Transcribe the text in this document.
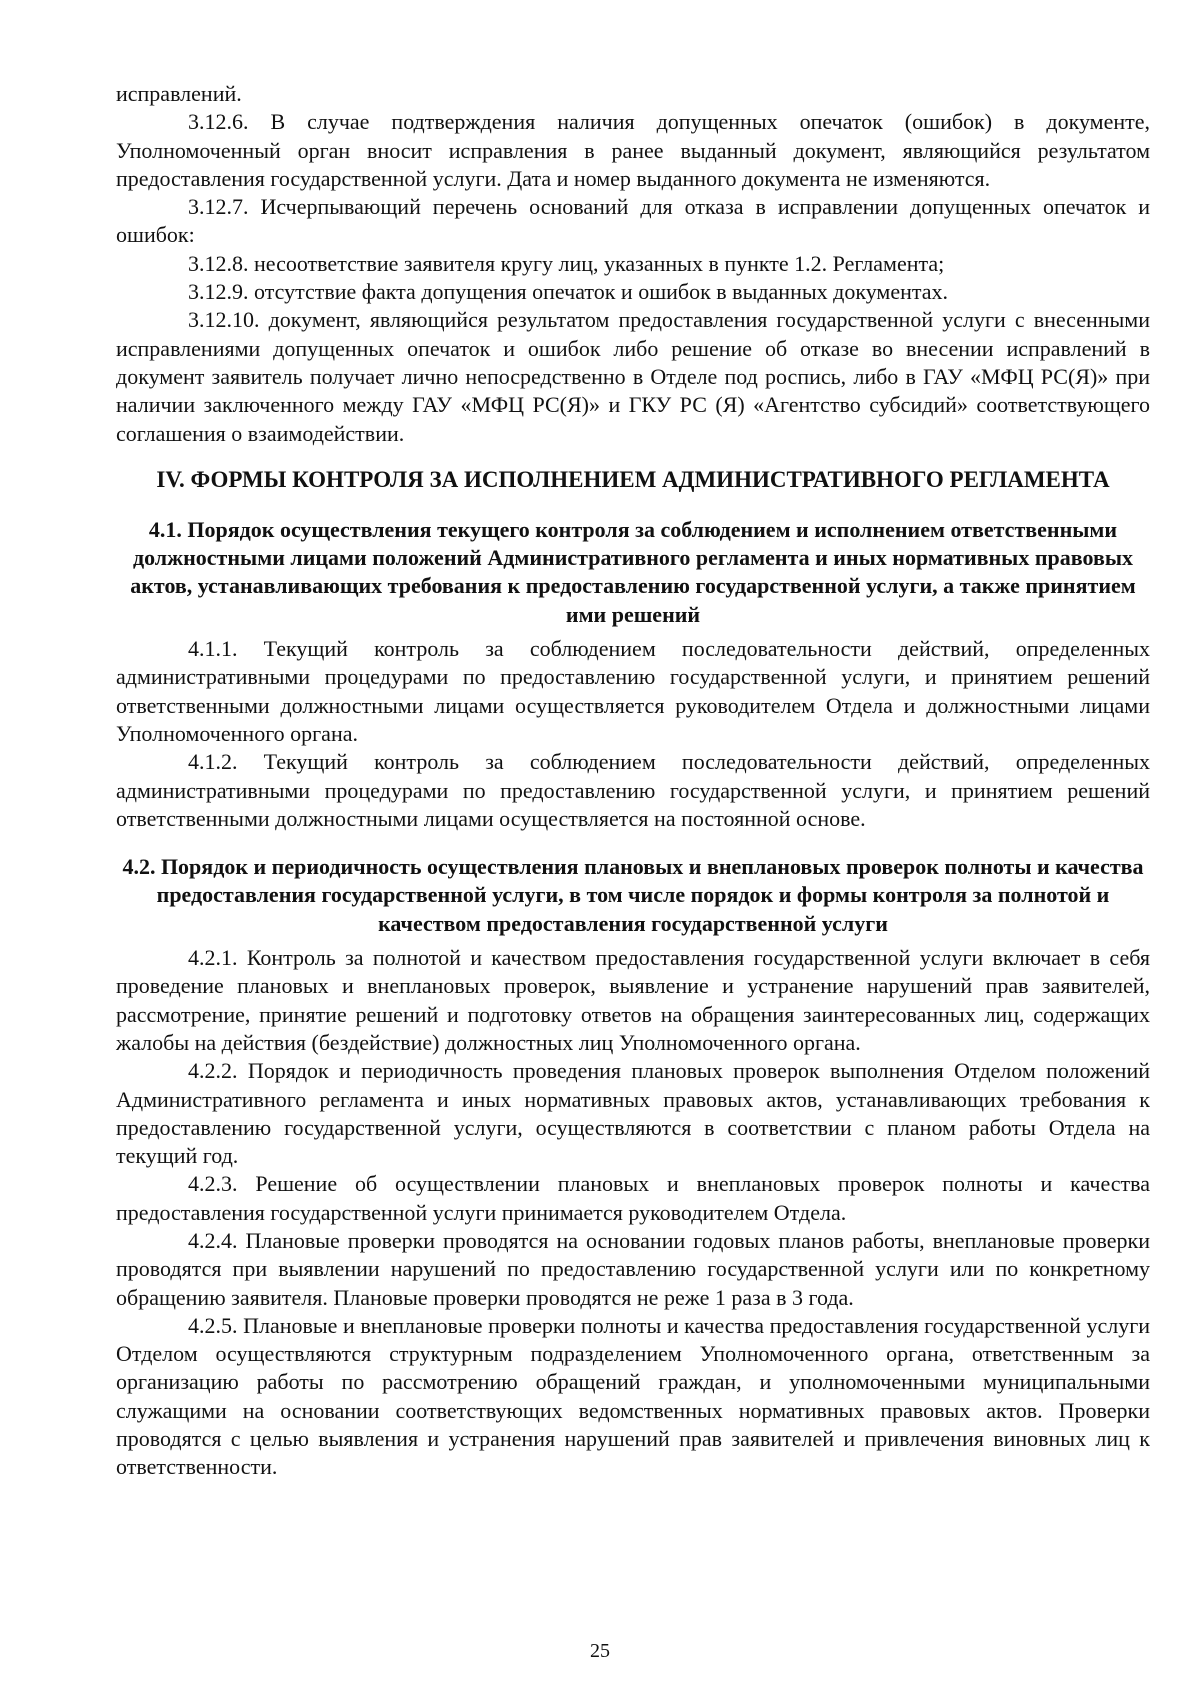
исправлений.

3.12.6. В случае подтверждения наличия допущенных опечаток (ошибок) в документе, Уполномоченный орган вносит исправления в ранее выданный документ, являющийся результатом предоставления государственной услуги. Дата и номер выданного документа не изменяются.

3.12.7. Исчерпывающий перечень оснований для отказа в исправлении допущенных опечаток и ошибок:

3.12.8. несоответствие заявителя кругу лиц, указанных в пункте 1.2. Регламента;

3.12.9. отсутствие факта допущения опечаток и ошибок в выданных документах.

3.12.10. документ, являющийся результатом предоставления государственной услуги с внесенными исправлениями допущенных опечаток и ошибок либо решение об отказе во внесении исправлений в документ заявитель получает лично непосредственно в Отделе под роспись, либо в ГАУ «МФЦ РС(Я)» при наличии заключенного между ГАУ «МФЦ РС(Я)» и ГКУ РС (Я) «Агентство субсидий» соответствующего соглашения о взаимодействии.

IV. ФОРМЫ КОНТРОЛЯ ЗА ИСПОЛНЕНИЕМ АДМИНИСТРАТИВНОГО РЕГЛАМЕНТА
4.1. Порядок осуществления текущего контроля за соблюдением и исполнением ответственными должностными лицами положений Административного регламента и иных нормативных правовых актов, устанавливающих требования к предоставлению государственной услуги, а также принятием ими решений

4.1.1. Текущий контроль за соблюдением последовательности действий, определенных административными процедурами по предоставлению государственной услуги, и принятием решений ответственными должностными лицами осуществляется руководителем Отдела и должностными лицами Уполномоченного органа.

4.1.2. Текущий контроль за соблюдением последовательности действий, определенных административными процедурами по предоставлению государственной услуги, и принятием решений ответственными должностными лицами осуществляется на постоянной основе.

4.2. Порядок и периодичность осуществления плановых и внеплановых проверок полноты и качества предоставления государственной услуги, в том числе порядок и формы контроля за полнотой и качеством предоставления государственной услуги

4.2.1. Контроль за полнотой и качеством предоставления государственной услуги включает в себя проведение плановых и внеплановых проверок, выявление и устранение нарушений прав заявителей, рассмотрение, принятие решений и подготовку ответов на обращения заинтересованных лиц, содержащих жалобы на действия (бездействие) должностных лиц Уполномоченного органа.

4.2.2. Порядок и периодичность проведения плановых проверок выполнения Отделом положений Административного регламента и иных нормативных правовых актов, устанавливающих требования к предоставлению государственной услуги, осуществляются в соответствии с планом работы Отдела на текущий год.

4.2.3. Решение об осуществлении плановых и внеплановых проверок полноты и качества предоставления государственной услуги принимается руководителем Отдела.

4.2.4. Плановые проверки проводятся на основании годовых планов работы, внеплановые проверки проводятся при выявлении нарушений по предоставлению государственной услуги или по конкретному обращению заявителя. Плановые проверки проводятся не реже 1 раза в 3 года.

4.2.5. Плановые и внеплановые проверки полноты и качества предоставления государственной услуги Отделом осуществляются структурным подразделением Уполномоченного органа, ответственным за организацию работы по рассмотрению обращений граждан, и уполномоченными муниципальными служащими на основании соответствующих ведомственных нормативных правовых актов. Проверки проводятся с целью выявления и устранения нарушений прав заявителей и привлечения виновных лиц к ответственности.

25
